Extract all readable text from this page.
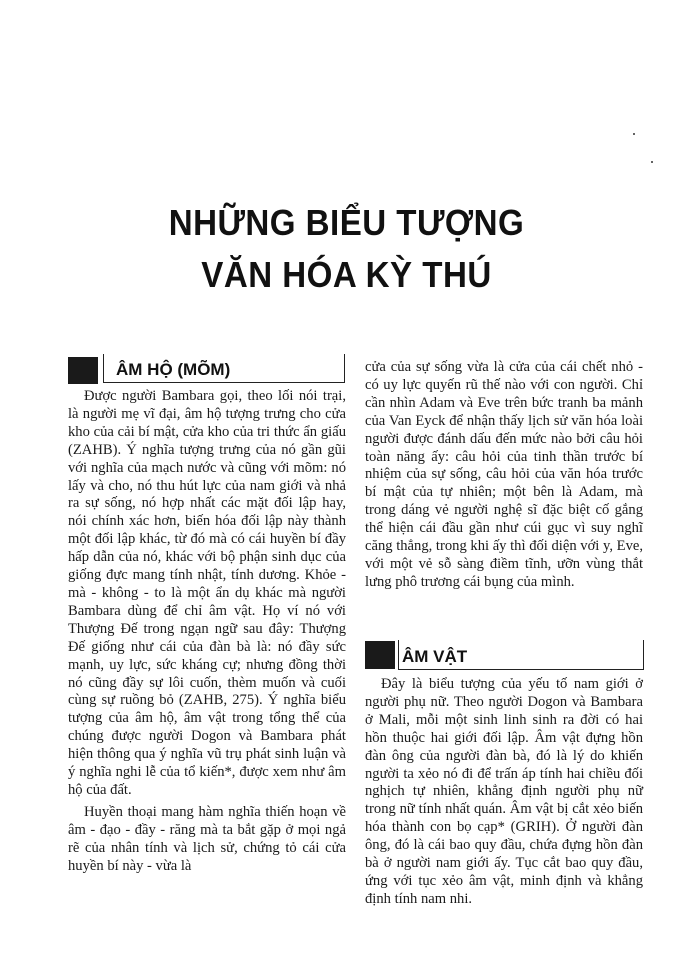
NHỮNG BIỂU TƯỢNG
VĂN HÓA KỲ THÚ
ÂM HỘ (MÕM)

Được người Bambara gọi, theo lối nói trại, là người mẹ vĩ đại, âm hộ tượng trưng cho cửa kho của cải bí mật, cửa kho của tri thức ẩn giấu (ZAHB). Ý nghĩa tượng trưng của nó gần gũi với nghĩa của mạch nước và cũng với mõm: nó lấy và cho, nó thu hút lực của nam giới và nhả ra sự sống, nó hợp nhất các mặt đối lập hay, nói chính xác hơn, biến hóa đối lập này thành một đối lập khác, từ đó mà có cái huyền bí đầy hấp dẫn của nó, khác với bộ phận sinh dục của giống đực mang tính nhật, tính dương. Khỏe - mà - không - to là một ẩn dụ khác mà người Bambara dùng để chỉ âm vật. Họ ví nó với Thượng Đế trong ngạn ngữ sau đây: Thượng Đế giống như cái của đàn bà là: nó đầy sức mạnh, uy lực, sức kháng cự; nhưng đồng thời nó cũng đầy sự lôi cuốn, thèm muốn và cuối cùng sự ruồng bỏ (ZAHB, 275). Ý nghĩa biểu tượng của âm hộ, âm vật trong tổng thể của chúng được người Dogon và Bambara phát hiện thông qua ý nghĩa vũ trụ phát sinh luận và ý nghĩa nghi lễ của tổ kiến*, được xem như âm hộ của đất.

Huyền thoại mang hàm nghĩa thiến hoạn về âm - đạo - đầy - răng mà ta bắt gặp ở mọi ngả rẽ của nhân tính và lịch sử, chứng tỏ cái cửa huyền bí này - vừa là

cửa của sự sống vừa là cửa của cái chết nhỏ - có uy lực quyến rũ thế nào với con người. Chỉ cần nhìn Adam và Eve trên bức tranh ba mảnh của Van Eyck để nhận thấy lịch sử văn hóa loài người được đánh dấu đến mức nào bởi câu hỏi toàn năng ấy: câu hỏi của tinh thần trước bí nhiệm của sự sống, câu hỏi của văn hóa trước bí mật của tự nhiên; một bên là Adam, mà trong dáng vẻ người nghệ sĩ đặc biệt cố gắng thể hiện cái đầu gần như cúi gục vì suy nghĩ căng thẳng, trong khi ấy thì đối diện với y, Eve, với một vẻ sỗ sàng điềm tĩnh, ưỡn vùng thắt lưng phô trương cái bụng của mình.

ÂM VẬT

Đây là biểu tượng của yếu tố nam giới ở người phụ nữ. Theo người Dogon và Bambara ở Mali, mỗi một sinh linh sinh ra đời có hai hồn thuộc hai giới đối lập. Âm vật đựng hồn đàn ông của người đàn bà, đó là lý do khiến người ta xẻo nó đi để trấn áp tính hai chiều đối nghịch tự nhiên, khẳng định người phụ nữ trong nữ tính nhất quán. Âm vật bị cắt xẻo biến hóa thành con bọ cạp* (GRIH). Ở người đàn ông, đó là cái bao quy đầu, chứa đựng hồn đàn bà ở người nam giới ấy. Tục cắt bao quy đầu, ứng với tục xẻo âm vật, minh định và khẳng định tính nam nhi.
